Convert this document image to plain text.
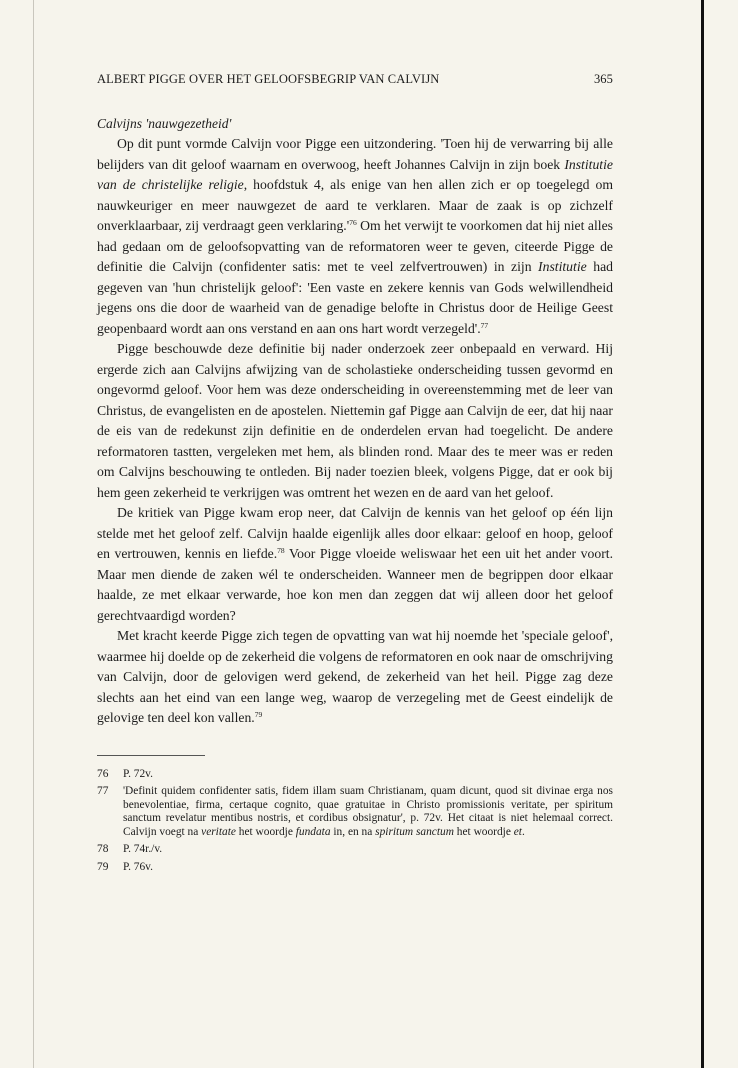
ALBERT PIGGE OVER HET GELOOFSBEGRIP VAN CALVIJN	365
Calvijns 'nauwgezetheid'

Op dit punt vormde Calvijn voor Pigge een uitzondering. 'Toen hij de verwarring bij alle belijders van dit geloof waarnam en overwoog, heeft Johannes Calvijn in zijn boek Institutie van de christelijke religie, hoofdstuk 4, als enige van hen allen zich er op toegelegd om nauwkeuriger en meer nauwgezet de aard te verklaren. Maar de zaak is op zichzelf onverklaarbaar, zij verdraagt geen $verklaring.'^{76}$ Om het verwijt te voorkomen dat hij niet alles had gedaan om de geloofsopvatting van de reformatoren weer te geven, citeerde Pigge de definitie die Calvijn (confidenter satis: met te veel zelfvertrouwen) in zijn Institutie had gegeven van 'hun christelijk geloof': 'Een vaste en zekere kennis van Gods welwillendheid jegens ons die door de waarheid van de genadige belofte in Christus door de Heilige Geest geopenbaard wordt aan ons verstand en aan ons hart wordt verzegeld'.$^{77}$

Pigge beschouwde deze definitie bij nader onderzoek zeer onbepaald en verward. Hij ergerde zich aan Calvijns afwijzing van de scholastieke onderscheiding tussen gevormd en ongevormd geloof. Voor hem was deze onderscheiding in overeenstemming met de leer van Christus, de evangelisten en de apostelen. Niettemin gaf Pigge aan Calvijn de eer, dat hij naar de eis van de redekunst zijn definitie en de onderdelen ervan had toegelicht. De andere reformatoren tastten, vergeleken met hem, als blinden rond. Maar des te meer was er reden om Calvijns beschouwing te ontleden. Bij nader toezien bleek, volgens Pigge, dat er ook bij hem geen zekerheid te verkrijgen was omtrent het wezen en de aard van het geloof.

De kritiek van Pigge kwam erop neer, dat Calvijn de kennis van het geloof op één lijn stelde met het geloof zelf. Calvijn haalde eigenlijk alles door elkaar: geloof en hoop, geloof en vertrouwen, kennis en liefde.$^{78}$ Voor Pigge vloeide weliswaar het een uit het ander voort. Maar men diende de zaken wél te onderscheiden. Wanneer men de begrippen door elkaar haalde, ze met elkaar verwarde, hoe kon men dan zeggen dat wij alleen door het geloof gerechtvaardigd worden?

Met kracht keerde Pigge zich tegen de opvatting van wat hij noemde het 'speciale geloof', waarmee hij doelde op de zekerheid die volgens de reformatoren en ook naar de omschrijving van Calvijn, door de gelovigen werd gekend, de zekerheid van het heil. Pigge zag deze slechts aan het eind van een lange weg, waarop de verzegeling met de Geest eindelijk de gelovige ten deel kon vallen.$^{79}$

76	P. 72v.
77	'Definit quidem confidenter satis, fidem illam suam Christianam, quam dicunt, quod sit divinae erga nos benevolentiae, firma, certaque cognito, quae gratuitae in Christo promissionis veritate, per spiritum sanctum revelatur mentibus nostris, et cordibus obsignatur', p. 72v. Het citaat is niet helemaal correct. Calvijn voegt na veritate het woordje fundata in, en na spiritum sanctum het woordje et.
78	P. 74r./v.
79	P. 76v.
